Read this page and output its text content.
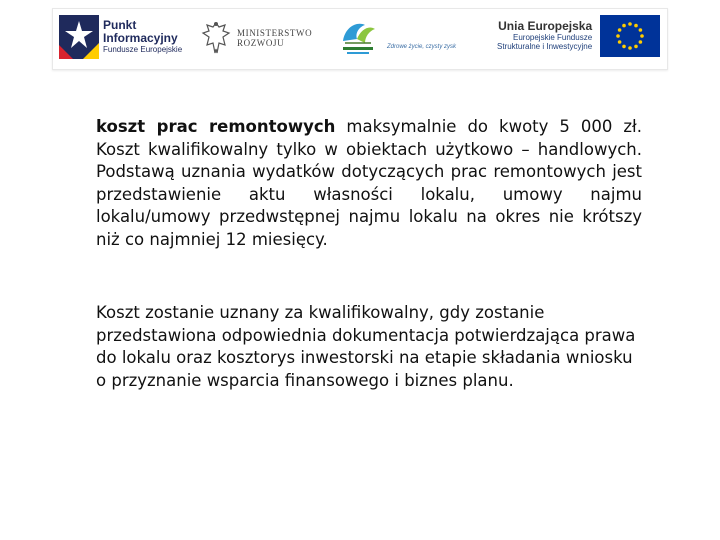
Punkt
Informacyjny
Fundusze Europejskie
MINISTERSTWO
ROZWOJU	Zdrowe życie, czysty zysk
Unia Europejska
Europejskie Fundusze
Strukturalne i Inwestycyjne

koszt prac remontowych maksymalnie do kwoty 5 000 zł. Koszt kwalifikowalny tylko w obiektach użytkowo – handlowych. Podstawą uznania wydatków dotyczących prac remontowych jest przedstawienie aktu własności lokalu, umowy najmu lokalu/umowy przedwstępnej najmu lokalu na okres nie krótszy niż co najmniej 12 miesięcy.

Koszt zostanie uznany za kwalifikowalny, gdy zostanie przedstawiona odpowiednia dokumentacja potwierdzająca prawa do lokalu oraz kosztorys inwestorski na etapie składania wniosku o przyznanie wsparcia finansowego i biznes planu.
